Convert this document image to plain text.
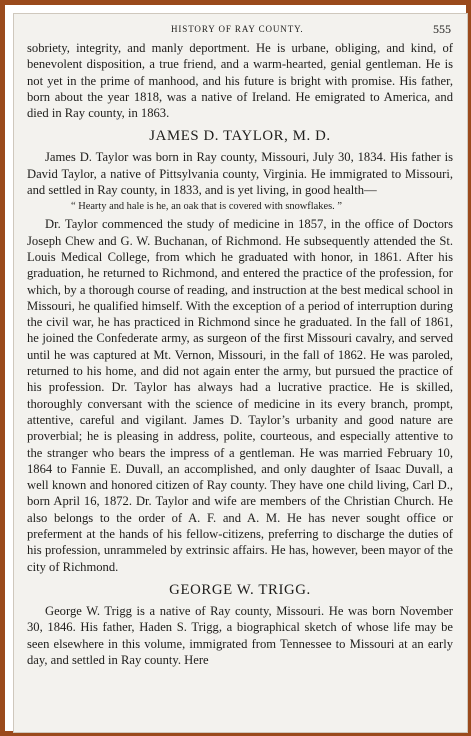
HISTORY OF RAY COUNTY.	555

sobriety, integrity, and manly deportment. He is urbane, obliging, and kind, of benevolent disposition, a true friend, and a warm-hearted, genial gentleman. He is not yet in the prime of manhood, and his future is bright with promise. His father, born about the year 1818, was a native of Ireland. He emigrated to America, and died in Ray county, in 1863.

JAMES D. TAYLOR, M. D.

James D. Taylor was born in Ray county, Missouri, July 30, 1834. His father is David Taylor, a native of Pittsylvania county, Virginia. He immigrated to Missouri, and settled in Ray county, in 1833, and is yet living, in good health—

“ Hearty and hale is he, an oak that is covered with snowflakes. ”

Dr. Taylor commenced the study of medicine in 1857, in the office of Doctors Joseph Chew and G. W. Buchanan, of Richmond. He subsequently attended the St. Louis Medical College, from which he graduated with honor, in 1861. After his graduation, he returned to Richmond, and entered the practice of the profession, for which, by a thorough course of reading, and instruction at the best medical school in Missouri, he qualified himself. With the exception of a period of interruption during the civil war, he has practiced in Richmond since he graduated. In the fall of 1861, he joined the Confederate army, as surgeon of the first Missouri cavalry, and served until he was captured at Mt. Vernon, Missouri, in the fall of 1862. He was paroled, returned to his home, and did not again enter the army, but pursued the practice of his profession. Dr. Taylor has always had a lucrative practice. He is skilled, thoroughly conversant with the science of medicine in its every branch, prompt, attentive, careful and vigilant. James D. Taylor’s urbanity and good nature are proverbial; he is pleasing in address, polite, courteous, and especially attentive to the stranger who bears the impress of a gentleman. He was married February 10, 1864 to Fannie E. Duvall, an accomplished, and only daughter of Isaac Duvall, a well known and honored citizen of Ray county. They have one child living, Carl D., born April 16, 1872. Dr. Taylor and wife are members of the Christian Church. He also belongs to the order of A. F. and A. M. He has never sought office or preferment at the hands of his fellow-citizens, preferring to discharge the duties of his profession, unrammeled by extrinsic affairs. He has, however, been mayor of the city of Richmond.

GEORGE W. TRIGG.

George W. Trigg is a native of Ray county, Missouri. He was born November 30, 1846. His father, Haden S. Trigg, a biographical sketch of whose life may be seen elsewhere in this volume, immigrated from Tennessee to Missouri at an early day, and settled in Ray county. Here
